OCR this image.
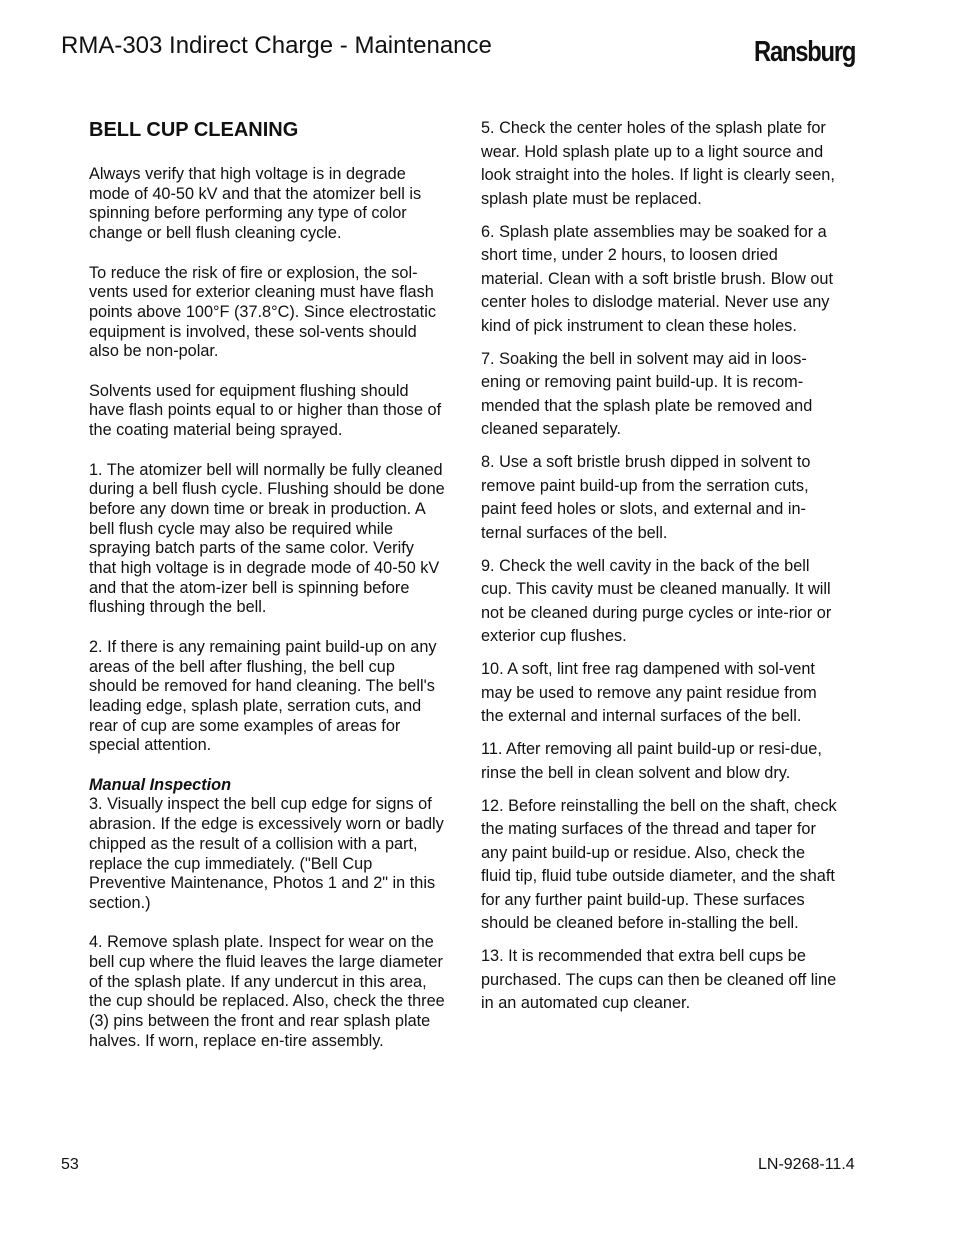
RMA-303 Indirect Charge - Maintenance	Ransburg
BELL CUP CLEANING

Always verify that high voltage is in degrade mode of 40-50 kV and that the atomizer bell is spinning before performing any type of color change or bell flush cleaning cycle.

To reduce the risk of fire or explosion, the sol-vents used for exterior cleaning must have flash points above 100°F (37.8°C). Since electrostatic equipment is involved, these sol-vents should also be non-polar.

Solvents used for equipment flushing should have flash points equal to or higher than those of the coating material being sprayed.

1. The atomizer bell will normally be fully cleaned during a bell flush cycle. Flushing should be done before any down time or break in production. A bell flush cycle may also be required while spraying batch parts of the same color. Verify that high voltage is in degrade mode of 40-50 kV and that the atom-izer bell is spinning before flushing through the bell.

2. If there is any remaining paint build-up on any areas of the bell after flushing, the bell cup should be removed for hand cleaning. The bell's leading edge, splash plate, serration cuts, and rear of cup are some examples of areas for special attention.

Manual Inspection
3. Visually inspect the bell cup edge for signs of abrasion. If the edge is excessively worn or badly chipped as the result of a collision with a part, replace the cup immediately. ("Bell Cup Preventive Maintenance, Photos 1 and 2" in this section.)

4. Remove splash plate. Inspect for wear on the bell cup where the fluid leaves the large diameter of the splash plate. If any undercut in this area, the cup should be replaced. Also, check the three (3) pins between the front and rear splash plate halves. If worn, replace en-tire assembly.

5. Check the center holes of the splash plate for wear. Hold splash plate up to a light source and look straight into the holes. If light is clearly seen, splash plate must be replaced.

6. Splash plate assemblies may be soaked for a short time, under 2 hours, to loosen dried material. Clean with a soft bristle brush. Blow out center holes to dislodge material. Never use any kind of pick instrument to clean these holes.

7. Soaking the bell in solvent may aid in loos-ening or removing paint build-up. It is recom-mended that the splash plate be removed and cleaned separately.

8. Use a soft bristle brush dipped in solvent to remove paint build-up from the serration cuts, paint feed holes or slots, and external and in-ternal surfaces of the bell.

9. Check the well cavity in the back of the bell cup. This cavity must be cleaned manually. It will not be cleaned during purge cycles or inte-rior or exterior cup flushes.

10. A soft, lint free rag dampened with sol-vent may be used to remove any paint residue from the external and internal surfaces of the bell.

11. After removing all paint build-up or resi-due, rinse the bell in clean solvent and blow dry.

12. Before reinstalling the bell on the shaft, check the mating surfaces of the thread and taper for any paint build-up or residue. Also, check the fluid tip, fluid tube outside diameter, and the shaft for any further paint build-up. These surfaces should be cleaned before in-stalling the bell.

13. It is recommended that extra bell cups be purchased. The cups can then be cleaned off line in an automated cup cleaner.

53	LN-9268-11.4
